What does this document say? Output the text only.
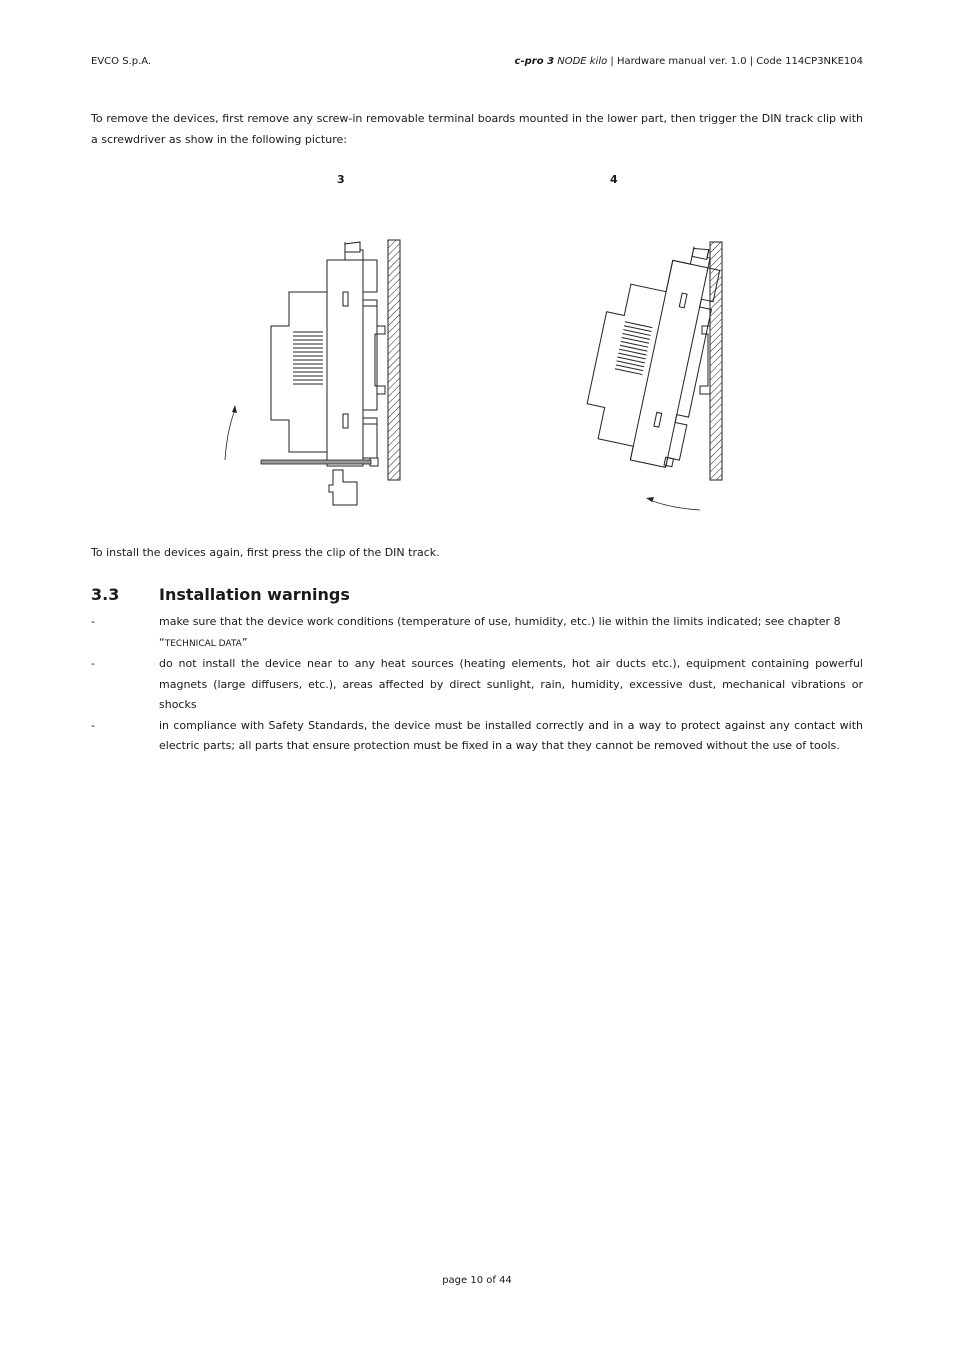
EVCO S.p.A.	c-pro 3 NODE kilo | Hardware manual ver. 1.0 | Code 114CP3NKE104
To remove the devices, first remove any screw-in removable terminal boards mounted in the lower part, then trigger the DIN track clip with a screwdriver as show in the following picture:
3	4
To install the devices again, first press the clip of the DIN track.
3.3 Installation warnings
-	make sure that the device work conditions (temperature of use, humidity, etc.) lie within the limits indicated; see chapter 8
“TECHNICAL DATA”
-	do not install the device near to any heat sources (heating elements, hot air ducts etc.), equipment containing powerful magnets (large diffusers, etc.), areas affected by direct sunlight, rain, humidity, excessive dust, mechanical vibrations or shocks
-	in compliance with Safety Standards, the device must be installed correctly and in a way to protect against any contact with electric parts; all parts that ensure protection must be fixed in a way that they cannot be removed without the use of tools.
page 10 of 44
